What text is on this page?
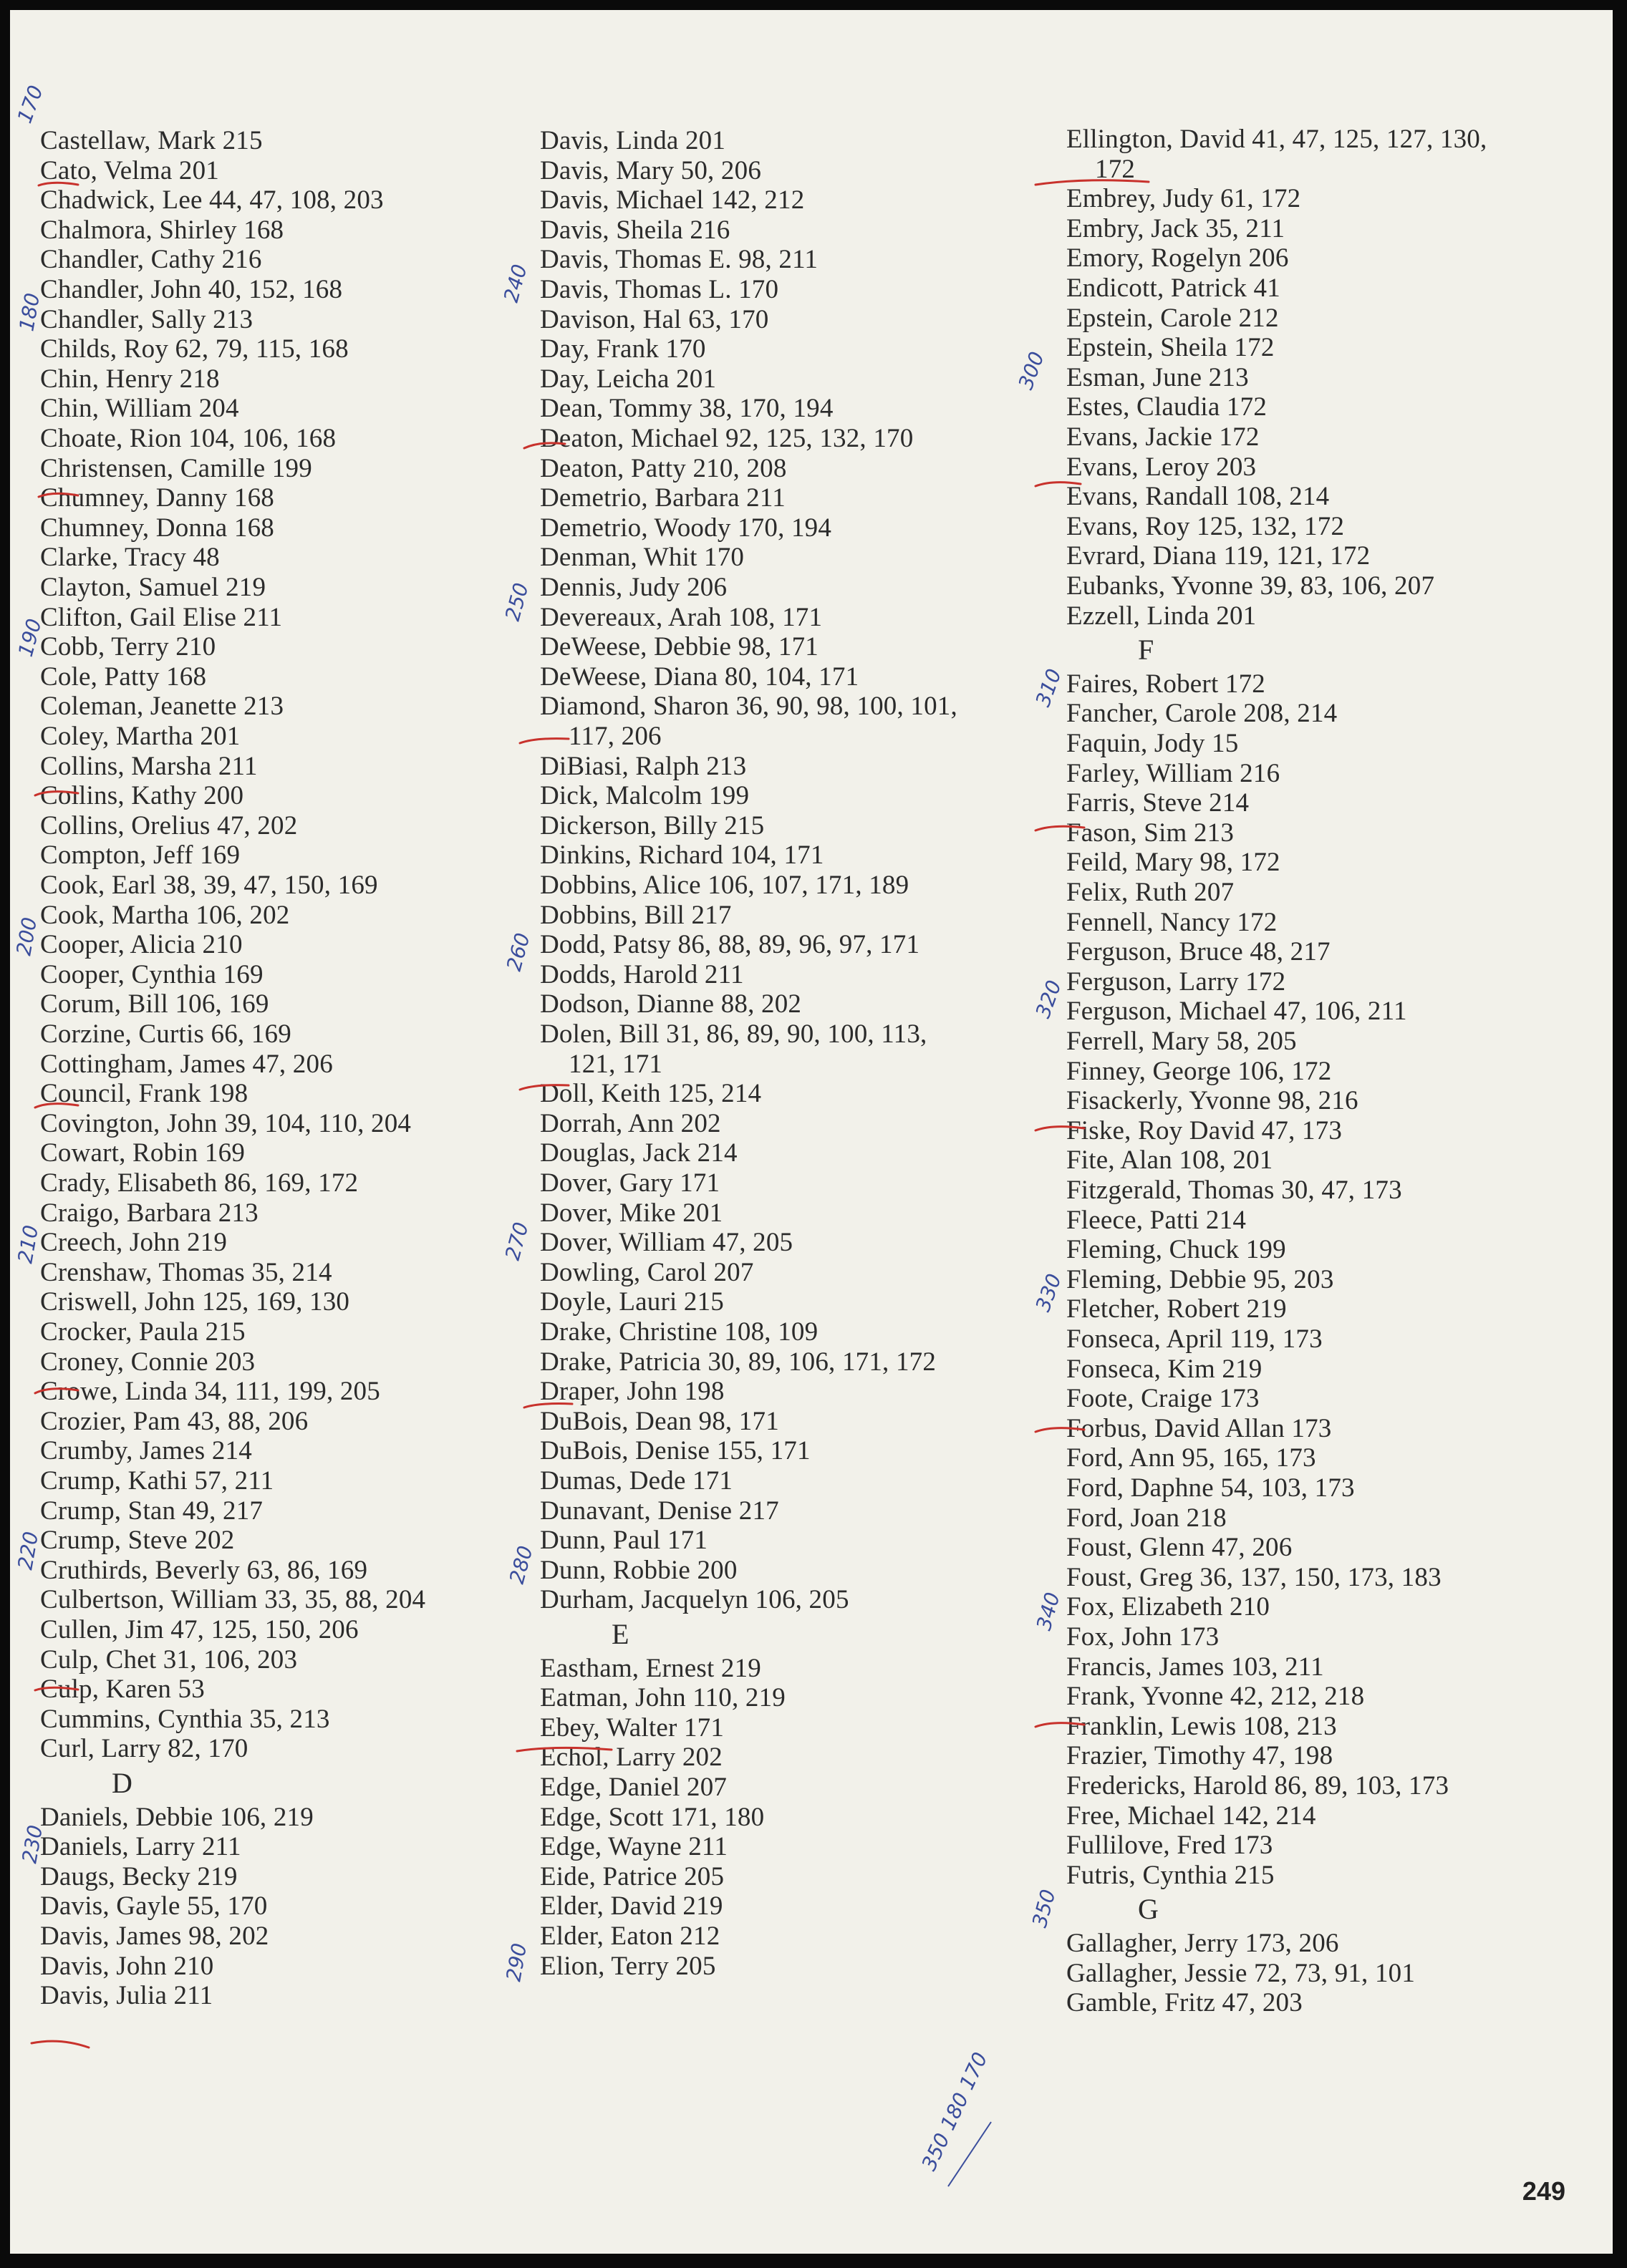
Castellaw, Mark 215
Cato, Velma 201
Chadwick, Lee 44, 47, 108, 203
Chalmora, Shirley 168
Chandler, Cathy 216
Chandler, John 40, 152, 168
Chandler, Sally 213
Childs, Roy 62, 79, 115, 168
Chin, Henry 218
Chin, William 204
Choate, Rion 104, 106, 168
Christensen, Camille 199
Chumney, Danny 168
Chumney, Donna 168
Clarke, Tracy 48
Clayton, Samuel 219
Clifton, Gail Elise 211
Cobb, Terry 210
Cole, Patty 168
Coleman, Jeanette 213
Coley, Martha 201
Collins, Marsha 211
Collins, Kathy 200
Collins, Orelius 47, 202
Compton, Jeff 169
Cook, Earl 38, 39, 47, 150, 169
Cook, Martha 106, 202
Cooper, Alicia 210
Cooper, Cynthia 169
Corum, Bill 106, 169
Corzine, Curtis 66, 169
Cottingham, James 47, 206
Council, Frank 198
Covington, John 39, 104, 110, 204
Cowart, Robin 169
Crady, Elisabeth 86, 169, 172
Craigo, Barbara 213
Creech, John 219
Crenshaw, Thomas 35, 214
Criswell, John 125, 169, 130
Crocker, Paula 215
Croney, Connie 203
Crowe, Linda 34, 111, 199, 205
Crozier, Pam 43, 88, 206
Crumby, James 214
Crump, Kathi 57, 211
Crump, Stan 49, 217
Crump, Steve 202
Cruthirds, Beverly 63, 86, 169
Culbertson, William 33, 35, 88, 204
Cullen, Jim 47, 125, 150, 206
Culp, Chet 31, 106, 203
Culp, Karen 53
Cummins, Cynthia 35, 213
Curl, Larry 82, 170
D
Daniels, Debbie 106, 219
Daniels, Larry 211
Daugs, Becky 219
Davis, Gayle 55, 170
Davis, James 98, 202
Davis, John 210
Davis, Julia 211
Davis, Linda 201
Davis, Mary 50, 206
Davis, Michael 142, 212
Davis, Sheila 216
Davis, Thomas E. 98, 211
Davis, Thomas L. 170
Davison, Hal 63, 170
Day, Frank 170
Day, Leicha 201
Dean, Tommy 38, 170, 194
Deaton, Michael 92, 125, 132, 170
Deaton, Patty 210, 208
Demetrio, Barbara 211
Demetrio, Woody 170, 194
Denman, Whit 170
Dennis, Judy 206
Devereaux, Arah 108, 171
DeWeese, Debbie 98, 171
DeWeese, Diana 80, 104, 171
Diamond, Sharon 36, 90, 98, 100, 101,
117, 206
DiBiasi, Ralph 213
Dick, Malcolm 199
Dickerson, Billy 215
Dinkins, Richard 104, 171
Dobbins, Alice 106, 107, 171, 189
Dobbins, Bill 217
Dodd, Patsy 86, 88, 89, 96, 97, 171
Dodds, Harold 211
Dodson, Dianne 88, 202
Dolen, Bill 31, 86, 89, 90, 100, 113,
121, 171
Doll, Keith 125, 214
Dorrah, Ann 202
Douglas, Jack 214
Dover, Gary 171
Dover, Mike 201
Dover, William 47, 205
Dowling, Carol 207
Doyle, Lauri 215
Drake, Christine 108, 109
Drake, Patricia 30, 89, 106, 171, 172
Draper, John 198
DuBois, Dean 98, 171
DuBois, Denise 155, 171
Dumas, Dede 171
Dunavant, Denise 217
Dunn, Paul 171
Dunn, Robbie 200
Durham, Jacquelyn 106, 205
E
Eastham, Ernest 219
Eatman, John 110, 219
Ebey, Walter 171
Echol, Larry 202
Edge, Daniel 207
Edge, Scott 171, 180
Edge, Wayne 211
Eide, Patrice 205
Elder, David 219
Elder, Eaton 212
Elion, Terry 205
Ellington, David 41, 47, 125, 127, 130,
172
Embrey, Judy 61, 172
Embry, Jack 35, 211
Emory, Rogelyn 206
Endicott, Patrick 41
Epstein, Carole 212
Epstein, Sheila 172
Esman, June 213
Estes, Claudia 172
Evans, Jackie 172
Evans, Leroy 203
Evans, Randall 108, 214
Evans, Roy 125, 132, 172
Evrard, Diana 119, 121, 172
Eubanks, Yvonne 39, 83, 106, 207
Ezzell, Linda 201
F
Faires, Robert 172
Fancher, Carole 208, 214
Faquin, Jody 15
Farley, William 216
Farris, Steve 214
Fason, Sim 213
Feild, Mary 98, 172
Felix, Ruth 207
Fennell, Nancy 172
Ferguson, Bruce 48, 217
Ferguson, Larry 172
Ferguson, Michael 47, 106, 211
Ferrell, Mary 58, 205
Finney, George 106, 172
Fisackerly, Yvonne 98, 216
Fiske, Roy David 47, 173
Fite, Alan 108, 201
Fitzgerald, Thomas 30, 47, 173
Fleece, Patti 214
Fleming, Chuck 199
Fleming, Debbie 95, 203
Fletcher, Robert 219
Fonseca, April 119, 173
Fonseca, Kim 219
Foote, Craige 173
Forbus, David Allan 173
Ford, Ann 95, 165, 173
Ford, Daphne 54, 103, 173
Ford, Joan 218
Foust, Glenn 47, 206
Foust, Greg 36, 137, 150, 173, 183
Fox, Elizabeth 210
Fox, John 173
Francis, James 103, 211
Frank, Yvonne 42, 212, 218
Franklin, Lewis 108, 213
Frazier, Timothy 47, 198
Fredericks, Harold 86, 89, 103, 173
Free, Michael 142, 214
Fullilove, Fred 173
Futris, Cynthia 215
G
Gallagher, Jerry 173, 206
Gallagher, Jessie 72, 73, 91, 101
Gamble, Fritz 47, 203
170
180
190
200
210
220
230
240
250
260
270
280
290
300
310
320
330
340
350
350 180 170
249
